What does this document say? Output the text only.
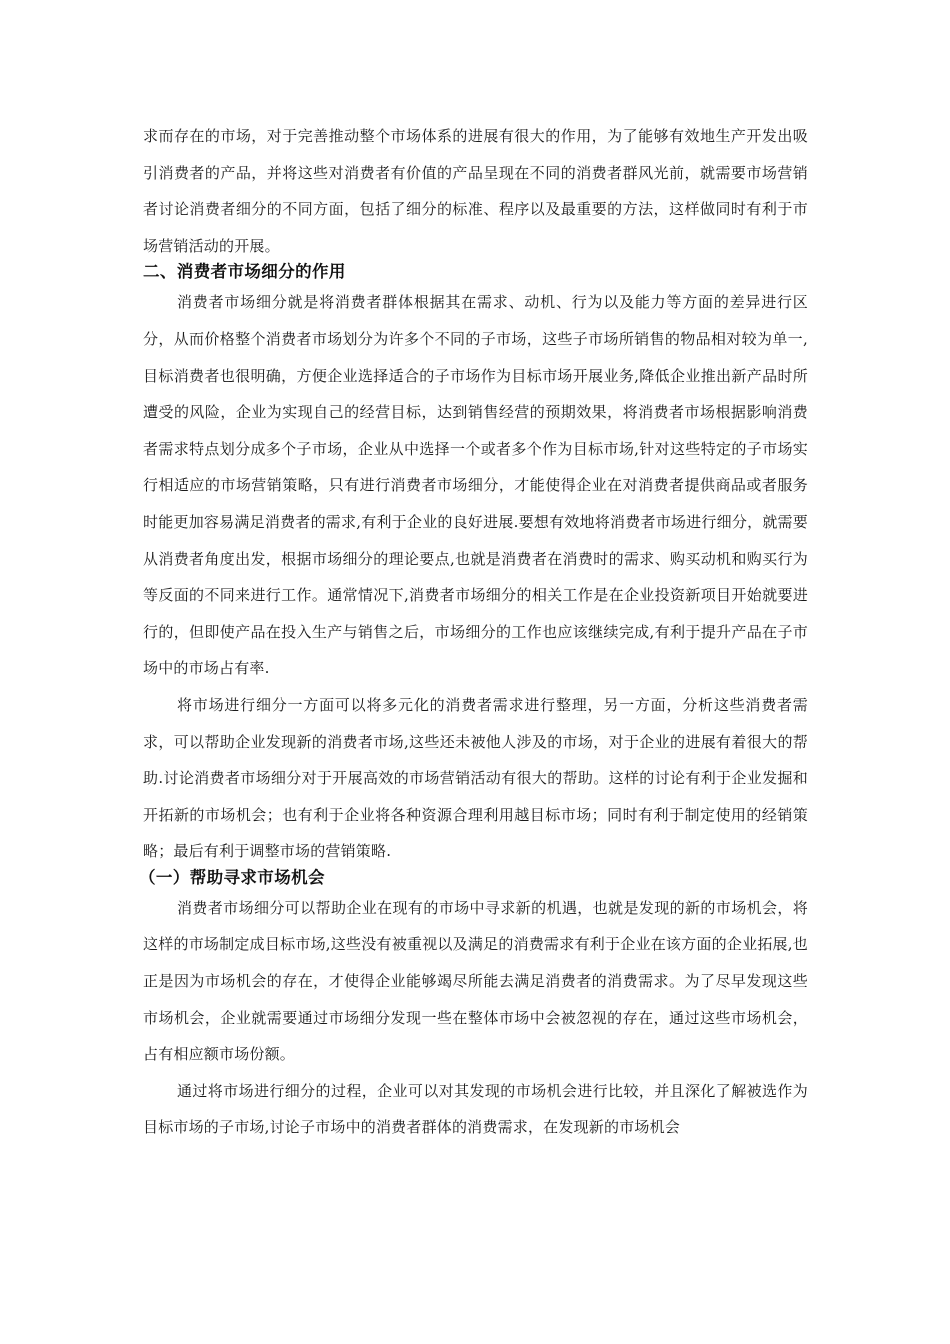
求而存在的市场，对于完善推动整个市场体系的进展有很大的作用，为了能够有效地生产开发出吸引消费者的产品，并将这些对消费者有价值的产品呈现在不同的消费者群风光前，就需要市场营销者讨论消费者细分的不同方面，包括了细分的标准、程序以及最重要的方法，这样做同时有利于市场营销活动的开展。

二、消费者市场细分的作用

消费者市场细分就是将消费者群体根据其在需求、动机、行为以及能力等方面的差异进行区分，从而价格整个消费者市场划分为许多个不同的子市场，这些子市场所销售的物品相对较为单一,目标消费者也很明确，方便企业选择适合的子市场作为目标市场开展业务,降低企业推出新产品时所遭受的风险，企业为实现自己的经营目标，达到销售经营的预期效果，将消费者市场根据影响消费者需求特点划分成多个子市场，企业从中选择一个或者多个作为目标市场,针对这些特定的子市场实行相适应的市场营销策略，只有进行消费者市场细分，才能使得企业在对消费者提供商品或者服务时能更加容易满足消费者的需求,有利于企业的良好进展.要想有效地将消费者市场进行细分，就需要从消费者角度出发，根据市场细分的理论要点,也就是消费者在消费时的需求、购买动机和购买行为等反面的不同来进行工作。通常情况下,消费者市场细分的相关工作是在企业投资新项目开始就要进行的，但即使产品在投入生产与销售之后，市场细分的工作也应该继续完成,有利于提升产品在子市场中的市场占有率.

将市场进行细分一方面可以将多元化的消费者需求进行整理，另一方面，分析这些消费者需求，可以帮助企业发现新的消费者市场,这些还未被他人涉及的市场，对于企业的进展有着很大的帮助.讨论消费者市场细分对于开展高效的市场营销活动有很大的帮助。这样的讨论有利于企业发掘和开拓新的市场机会；也有利于企业将各种资源合理利用越目标市场；同时有利于制定使用的经销策略；最后有利于调整市场的营销策略.

（一）帮助寻求市场机会

消费者市场细分可以帮助企业在现有的市场中寻求新的机遇，也就是发现的新的市场机会，将这样的市场制定成目标市场,这些没有被重视以及满足的消费需求有利于企业在该方面的企业拓展,也正是因为市场机会的存在，才使得企业能够竭尽所能去满足消费者的消费需求。为了尽早发现这些市场机会，企业就需要通过市场细分发现一些在整体市场中会被忽视的存在，通过这些市场机会，占有相应额市场份额。

通过将市场进行细分的过程，企业可以对其发现的市场机会进行比较，并且深化了解被选作为目标市场的子市场,讨论子市场中的消费者群体的消费需求，在发现新的市场机会
